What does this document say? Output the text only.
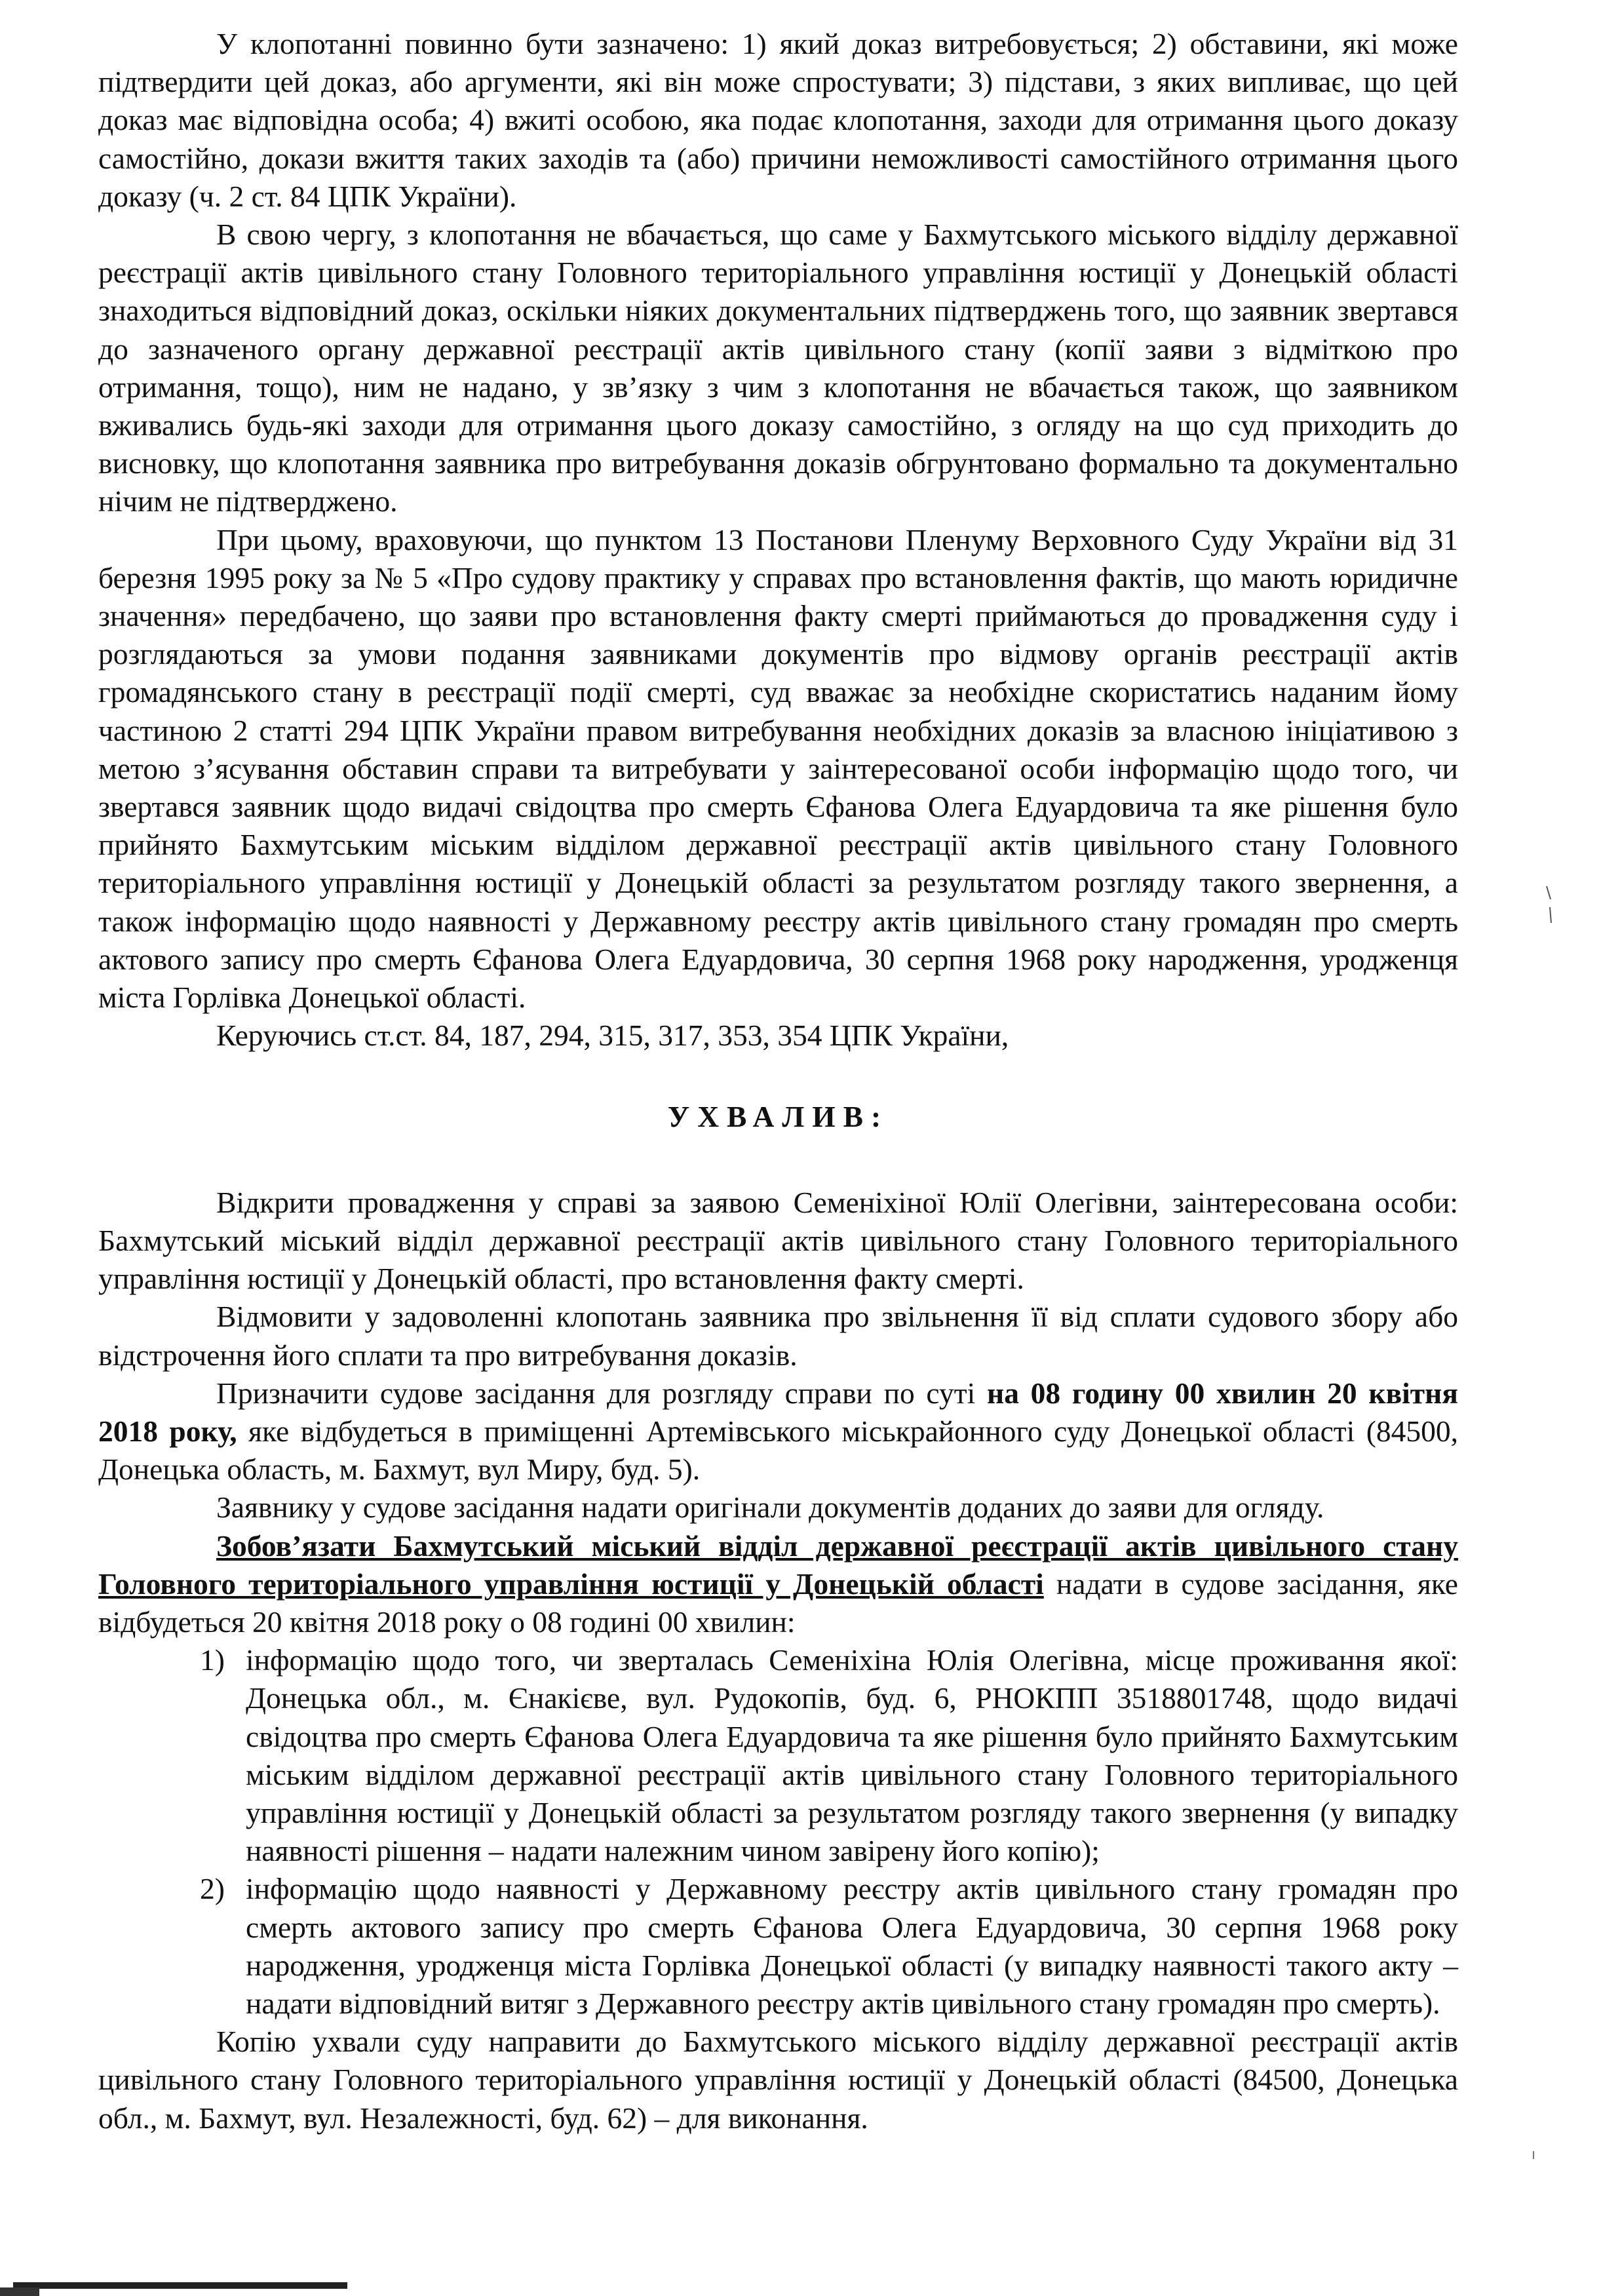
У клопотанні повинно бути зазначено: 1) який доказ витребовується; 2) обставини, які може підтвердити цей доказ, або аргументи, які він може спростувати; 3) підстави, з яких випливає, що цей доказ має відповідна особа; 4) вжиті особою, яка подає клопотання, заходи для отримання цього доказу самостійно, докази вжиття таких заходів та (або) причини неможливості самостійного отримання цього доказу (ч. 2 ст. 84 ЦПК України).

В свою чергу, з клопотання не вбачається, що саме у Бахмутського міського відділу державної реєстрації актів цивільного стану Головного територіального управління юстиції у Донецькій області знаходиться відповідний доказ, оскільки ніяких документальних підтверджень того, що заявник звертався до зазначеного органу державної реєстрації актів цивільного стану (копії заяви з відміткою про отримання, тощо), ним не надано, у зв’язку з чим з клопотання не вбачається також, що заявником вживались будь-які заходи для отримання цього доказу самостійно, з огляду на що суд приходить до висновку, що клопотання заявника про витребування доказів обгрунтовано формально та документально нічим не підтверджено.

При цьому, враховуючи, що пунктом 13 Постанови Пленуму Верховного Суду України від 31 березня 1995 року за № 5 «Про судову практику у справах про встановлення фактів, що мають юридичне значення» передбачено, що заяви про встановлення факту смерті приймаються до провадження суду і розглядаються за умови подання заявниками документів про відмову органів реєстрації актів громадянського стану в реєстрації події смерті, суд вважає за необхідне скористатись наданим йому частиною 2 статті 294 ЦПК України правом витребування необхідних доказів за власною ініціативою з метою з’ясування обставин справи та витребувати у заінтересованої особи інформацію щодо того, чи звертався заявник щодо видачі свідоцтва про смерть Єфанова Олега Едуардовича та яке рішення було прийнято Бахмутським міським відділом державної реєстрації актів цивільного стану Головного територіального управління юстиції у Донецькій області за результатом розгляду такого звернення, а також інформацію щодо наявності у Державному реєстру актів цивільного стану громадян про смерть актового запису про смерть Єфанова Олега Едуардовича, 30 серпня 1968 року народження, уродженця міста Горлівка Донецької області.

Керуючись ст.ст. 84, 187, 294, 315, 317, 353, 354 ЦПК України,

УХВАЛИВ:

Відкрити провадження у справі за заявою Семеніхіної Юлії Олегівни, заінтересована особи: Бахмутський міський відділ державної реєстрації актів цивільного стану Головного територіального управління юстиції у Донецькій області, про встановлення факту смерті.

Відмовити у задоволенні клопотань заявника про звільнення її від сплати судового збору або відстрочення його сплати та про витребування доказів.

Призначити судове засідання для розгляду справи по суті на 08 годину 00 хвилин 20 квітня 2018 року, яке відбудеться в приміщенні Артемівського міськрайонного суду Донецької області (84500, Донецька область, м. Бахмут, вул Миру, буд. 5).

Заявнику у судове засідання надати оригінали документів доданих до заяви для огляду.

Зобов’язати Бахмутський міський відділ державної реєстрації актів цивільного стану Головного територіального управління юстиції у Донецькій області надати в судове засідання, яке відбудеться 20 квітня 2018 року о 08 годині 00 хвилин:

1) інформацію щодо того, чи зверталась Семеніхіна Юлія Олегівна, місце проживання якої: Донецька обл., м. Єнакієве, вул. Рудокопів, буд. 6, РНОКПП 3518801748, щодо видачі свідоцтва про смерть Єфанова Олега Едуардовича та яке рішення було прийнято Бахмутським міським відділом державної реєстрації актів цивільного стану Головного територіального управління юстиції у Донецькій області за результатом розгляду такого звернення (у випадку наявності рішення – надати належним чином завірену його копію);
2) інформацію щодо наявності у Державному реєстру актів цивільного стану громадян про смерть актового запису про смерть Єфанова Олега Едуардовича, 30 серпня 1968 року народження, уродженця міста Горлівка Донецької області (у випадку наявності такого акту – надати відповідний витяг з Державного реєстру актів цивільного стану громадян про смерть).

Копію ухвали суду направити до Бахмутського міського відділу державної реєстрації актів цивільного стану Головного територіального управління юстиції у Донецькій області (84500, Донецька обл., м. Бахмут, вул. Незалежності, буд. 62) – для виконання.
